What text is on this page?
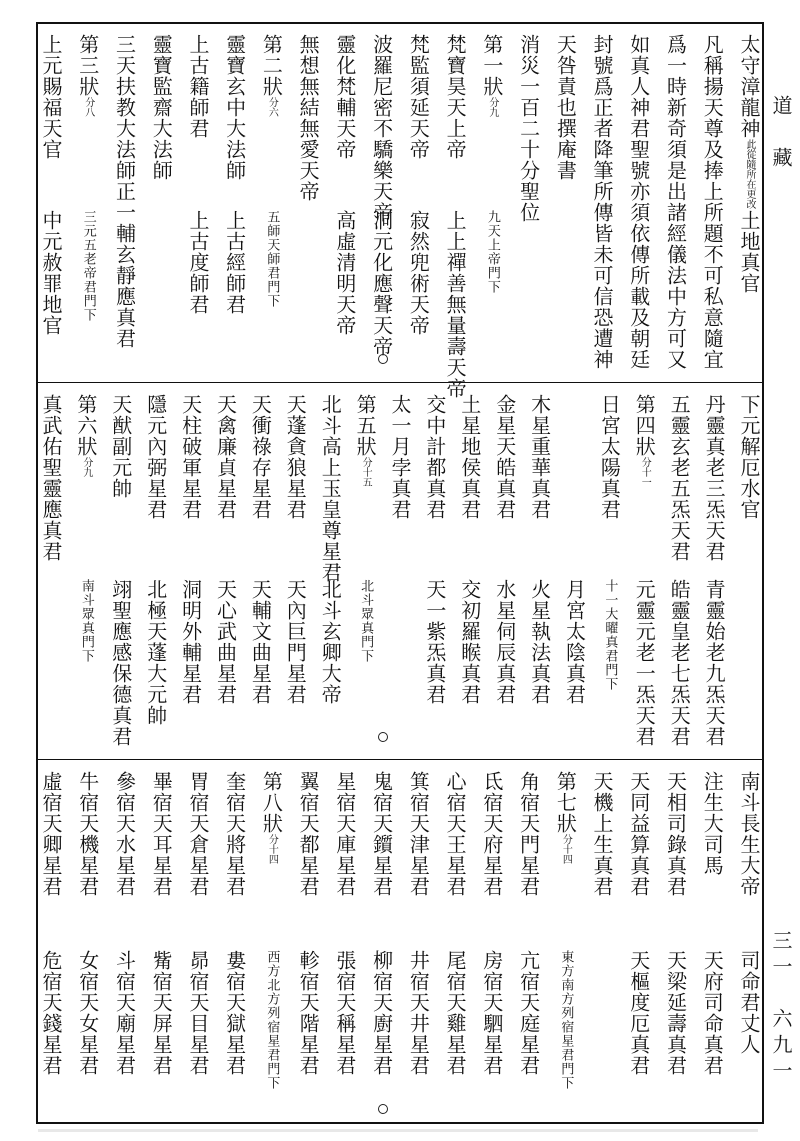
太守漳龍神此從隨所在更改
土地真官
凡稱揚天尊及捧上所題不可私意隨宜
爲一時新奇須是出諸經儀法中方可又
如真人神君聖號亦須依傳所載及朝廷
封號爲正者降筆所傳皆未可信恐遭神
天咎責也撰庵書
消災一百二十分聖位
第一狀分九
九天上帝門下
梵寶昊天上帝
上上禪善無量壽天帝
梵監須延天帝
寂然兜術天帝
波羅尼密不驕樂天帝
洞元化應聲天帝
靈化梵輔天帝
高虛清明天帝
無想無結無愛天帝
第二狀分六
五師天師君門下
靈寶玄中大法師
上古經師君
上古籍師君
上古度師君
靈寶監齋大法師
三天扶教大法師正一輔玄靜應真君
第三狀分八
三元五老帝君門下
上元賜福天官
中元赦罪地官
下元解厄水官
丹靈真老三炁天君
青靈始老九炁天君
五靈玄老五炁天君
皓靈皇老七炁天君
第四狀分十一
元靈元老一炁天君
日宮太陽真君
十一大曜真君門下
月宮太陰真君
木星重華真君
火星執法真君
金星天皓真君
水星伺辰真君
土星地侯真君
交初羅睺真君
交中計都真君
天一紫炁真君
太一月孛真君
第五狀分十五
北斗眾真門下
北斗高上玉皇尊星君
北斗玄卿大帝
天蓬貪狼星君
天內巨門星君
天衝祿存星君
天輔文曲星君
天禽廉貞星君
天心武曲星君
天柱破軍星君
洞明外輔星君
隱元內弼星君
北極天蓬大元帥
天猷副元帥
翊聖應感保德真君
第六狀分九
南斗眾真門下
真武佑聖靈應真君
南斗長生大帝
司命君丈人
注生大司馬
天府司命真君
天相司錄真君
天梁延壽真君
天同益算真君
天樞度厄真君
天機上生真君
第七狀分十四
東方南方列宿星君門下
角宿天門星君
亢宿天庭星君
氐宿天府星君
房宿天駟星君
心宿天王星君
尾宿天雞星君
箕宿天津星君
井宿天井星君
鬼宿天鑕星君
柳宿天廚星君
星宿天庫星君
張宿天稱星君
翼宿天都星君
軫宿天階星君
第八狀分十四
西方北方列宿星君門下
奎宿天將星君
婁宿天獄星君
胃宿天倉星君
昴宿天目星君
畢宿天耳星君
觜宿天屏星君
參宿天水星君
斗宿天廟星君
牛宿天機星君
女宿天女星君
虛宿天卿星君
危宿天錢星君
道　藏
三一　六九一
